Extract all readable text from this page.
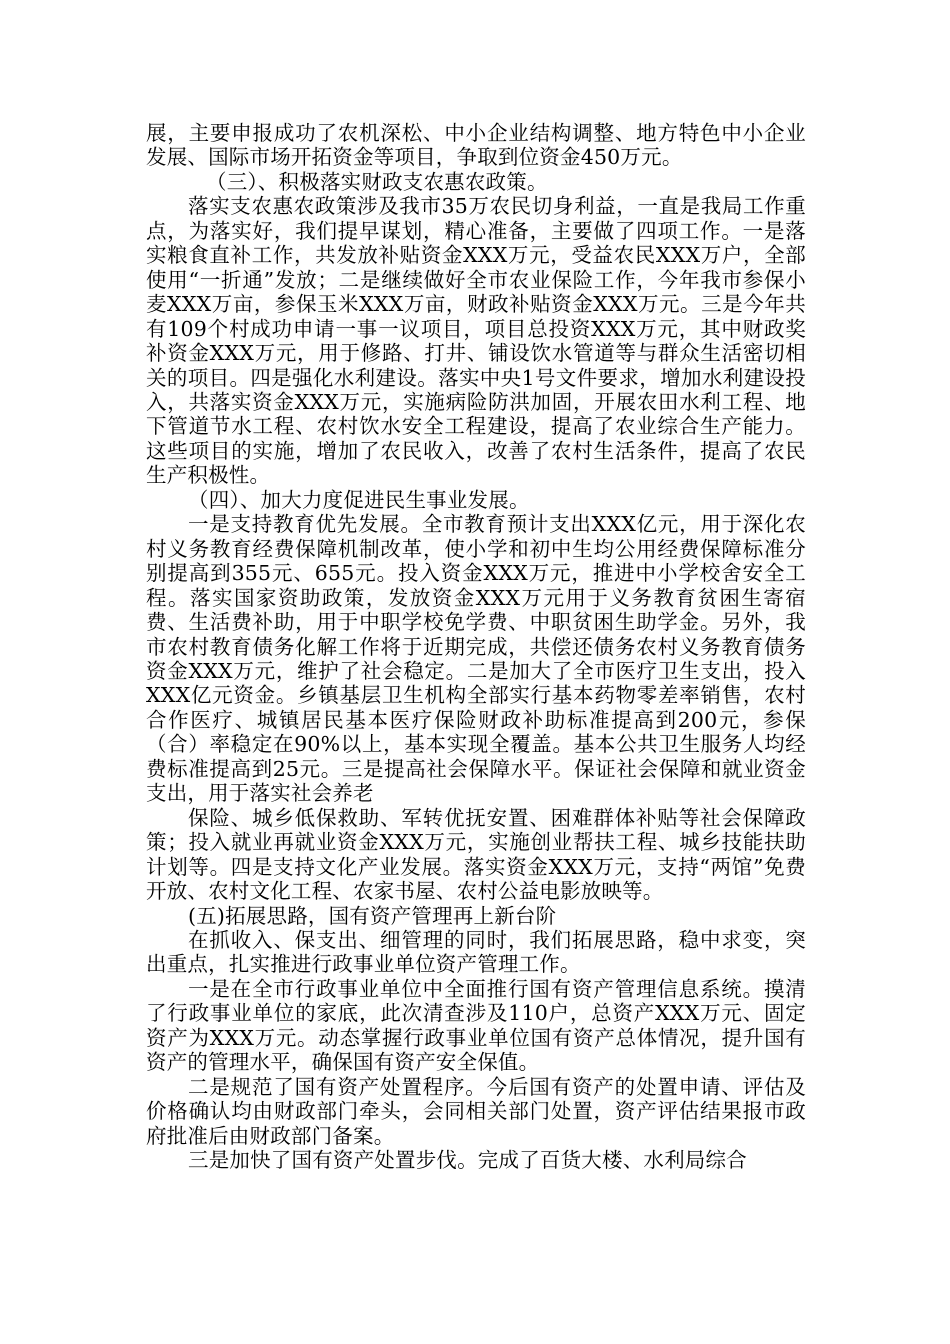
展，主要申报成功了农机深松、中小企业结构调整、地方特色中小企业发展、国际市场开拓资金等项目，争取到位资金450万元。

（三）、积极落实财政支农惠农政策。

落实支农惠农政策涉及我市35万农民切身利益，一直是我局工作重点，为落实好，我们提早谋划，精心准备，主要做了四项工作。一是落实粮食直补工作，共发放补贴资金XXX万元，受益农民XXX万户，全部使用“一折通”发放；二是继续做好全市农业保险工作，今年我市参保小麦XXX万亩，参保玉米XXX万亩，财政补贴资金XXX万元。三是今年共有109个村成功申请一事一议项目，项目总投资XXX万元，其中财政奖补资金XXX万元，用于修路、打井、铺设饮水管道等与群众生活密切相关的项目。四是强化水利建设。落实中央1号文件要求，增加水利建设投入，共落实资金XXX万元，实施病险防洪加固，开展农田水利工程、地下管道节水工程、农村饮水安全工程建设，提高了农业综合生产能力。这些项目的实施，增加了农民收入，改善了农村生活条件，提高了农民生产积极性。

（四）、加大力度促进民生事业发展。

一是支持教育优先发展。全市教育预计支出XXX亿元，用于深化农村义务教育经费保障机制改革，使小学和初中生均公用经费保障标准分别提高到355元、655元。投入资金XXX万元，推进中小学校舍安全工程。落实国家资助政策，发放资金XXX万元用于义务教育贫困生寄宿费、生活费补助，用于中职学校免学费、中职贫困生助学金。另外，我市农村教育债务化解工作将于近期完成，共偿还债务农村义务教育债务资金XXX万元，维护了社会稳定。二是加大了全市医疗卫生支出，投入XXX亿元资金。乡镇基层卫生机构全部实行基本药物零差率销售，农村合作医疗、城镇居民基本医疗保险财政补助标准提高到200元，参保（合）率稳定在90%以上，基本实现全覆盖。基本公共卫生服务人均经费标准提高到25元。三是提高社会保障水平。保证社会保障和就业资金支出，用于落实社会养老

保险、城乡低保救助、军转优抚安置、困难群体补贴等社会保障政策；投入就业再就业资金XXX万元，实施创业帮扶工程、城乡技能扶助计划等。四是支持文化产业发展。落实资金XXX万元，支持“两馆”免费开放、农村文化工程、农家书屋、农村公益电影放映等。

(五)拓展思路，国有资产管理再上新台阶

在抓收入、保支出、细管理的同时，我们拓展思路，稳中求变，突出重点，扎实推进行政事业单位资产管理工作。

一是在全市行政事业单位中全面推行国有资产管理信息系统。摸清了行政事业单位的家底，此次清查涉及110户，总资产XXX万元、固定资产为XXX万元。动态掌握行政事业单位国有资产总体情况，提升国有资产的管理水平，确保国有资产安全保值。

二是规范了国有资产处置程序。今后国有资产的处置申请、评估及价格确认均由财政部门牵头，会同相关部门处置，资产评估结果报市政府批准后由财政部门备案。

三是加快了国有资产处置步伐。完成了百货大楼、水利局综合
